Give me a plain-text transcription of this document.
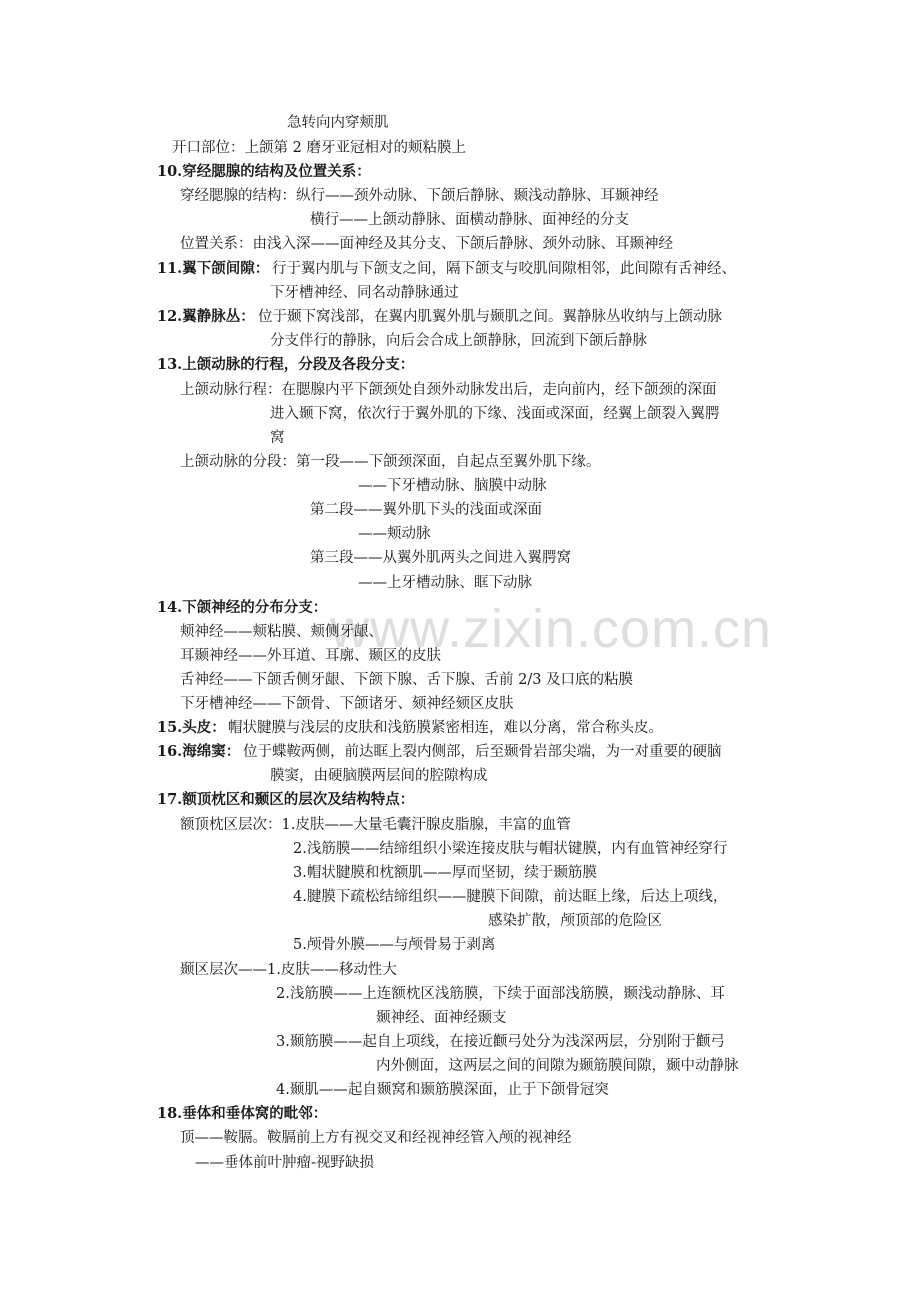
www.zixin.com.cn
急转向内穿颊肌
开口部位：上颌第 2 磨牙亚冠相对的颊粘膜上
10.穿经腮腺的结构及位置关系：
穿经腮腺的结构：纵行——颈外动脉、下颌后静脉、颞浅动静脉、耳颞神经
横行——上颌动静脉、面横动静脉、面神经的分支
位置关系：由浅入深——面神经及其分支、下颌后静脉、颈外动脉、耳颞神经
11.翼下颌间隙： 行于翼内肌与下颌支之间，隔下颌支与咬肌间隙相邻，此间隙有舌神经、
下牙槽神经、同名动静脉通过
12.翼静脉丛： 位于颞下窝浅部，在翼内肌翼外肌与颞肌之间。翼静脉丛收纳与上颌动脉
分支伴行的静脉，向后会合成上颌静脉，回流到下颌后静脉
13.上颌动脉的行程，分段及各段分支：
上颌动脉行程：在腮腺内平下颌颈处自颈外动脉发出后，走向前内，经下颌颈的深面
进入颞下窝，依次行于翼外肌的下缘、浅面或深面，经翼上颌裂入翼腭
窝
上颌动脉的分段：第一段——下颌颈深面，自起点至翼外肌下缘。
——下牙槽动脉、脑膜中动脉
第二段——翼外肌下头的浅面或深面
——颊动脉
第三段——从翼外肌两头之间进入翼腭窝
——上牙槽动脉、眶下动脉
14.下颌神经的分布分支：
颊神经——颊粘膜、颊侧牙龈、
耳颞神经——外耳道、耳廓、颞区的皮肤
舌神经——下颌舌侧牙龈、下颌下腺、舌下腺、舌前 2/3 及口底的粘膜
下牙槽神经——下颌骨、下颌诸牙、颏神经颏区皮肤
15.头皮： 帽状腱膜与浅层的皮肤和浅筋膜紧密相连，难以分离，常合称头皮。
16.海绵窦： 位于蝶鞍两侧，前达眶上裂内侧部，后至颞骨岩部尖端，为一对重要的硬脑
膜窦，由硬脑膜两层间的腔隙构成
17.额顶枕区和颞区的层次及结构特点：
额顶枕区层次：1.皮肤——大量毛囊汗腺皮脂腺，丰富的血管
2.浅筋膜——结缔组织小梁连接皮肤与帽状键膜，内有血管神经穿行
3.帽状腱膜和枕额肌——厚而坚韧，续于颞筋膜
4.腱膜下疏松结缔组织——腱膜下间隙，前达眶上缘，后达上项线，
感染扩散，颅顶部的危险区
5.颅骨外膜——与颅骨易于剥离
颞区层次——1.皮肤——移动性大
2.浅筋膜——上连额枕区浅筋膜，下续于面部浅筋膜，颞浅动静脉、耳
颞神经、面神经颞支
3.颞筋膜——起自上项线，在接近颧弓处分为浅深两层，分别附于颧弓
内外侧面，这两层之间的间隙为颞筋膜间隙，颞中动静脉
4.颞肌——起自颞窝和颞筋膜深面，止于下颌骨冠突
18.垂体和垂体窝的毗邻：
顶——鞍膈。鞍膈前上方有视交叉和经视神经管入颅的视神经
——垂体前叶肿瘤-视野缺损
